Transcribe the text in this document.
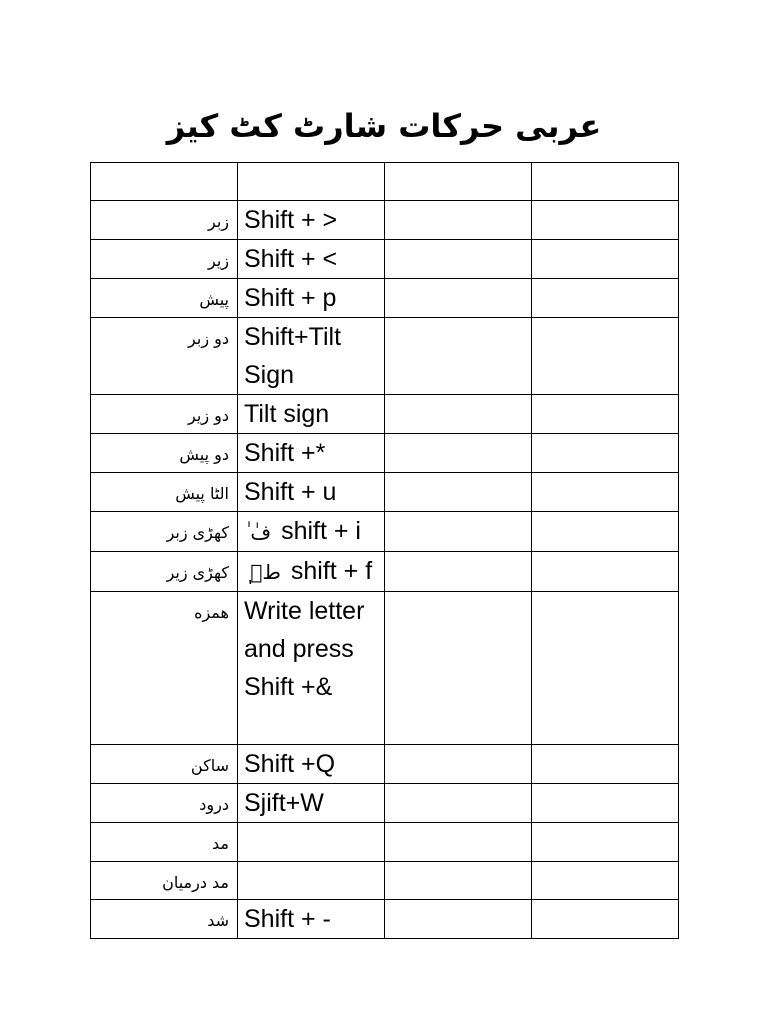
عربی حرکات شارٹ کٹ کیز

زبر	Shift + >		
زیر	Shift + <		
پیش	Shift + p		
دو زبر	Shift+Tilt Sign		
دو زیر	Tilt sign		
دو پیش	Shift +*		
الٹا پیش	Shift + u		
کھڑی زبر	ٰ فٰ shift + i		
کھڑی زیر	ٖ طٖ shift + f		
همزه	Write letter and press Shift +&		
ساکن	Shift +Q		
درود	Sjift+W		
مد			
مد درمیان			
شد	Shift + -		
